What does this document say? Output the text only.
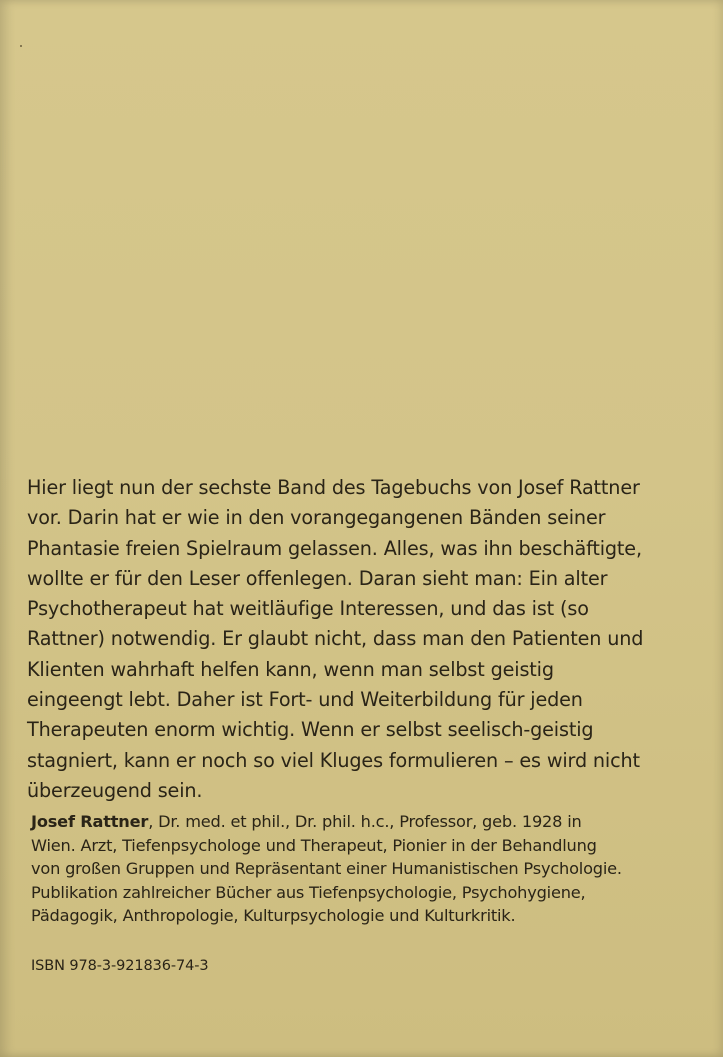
Hier liegt nun der sechste Band des Tagebuchs von Josef Rattner
vor. Darin hat er wie in den vorangegangenen Bänden seiner
Phantasie freien Spielraum gelassen. Alles, was ihn beschäftigte,
wollte er für den Leser offenlegen. Daran sieht man: Ein alter
Psychotherapeut hat weitläufige Interessen, und das ist (so
Rattner) notwendig. Er glaubt nicht, dass man den Patienten und
Klienten wahrhaft helfen kann, wenn man selbst geistig
eingeengt lebt. Daher ist Fort- und Weiterbildung für jeden
Therapeuten enorm wichtig. Wenn er selbst seelisch-geistig
stagniert, kann er noch so viel Kluges formulieren – es wird nicht
überzeugend sein.
Josef Rattner, Dr. med. et phil., Dr. phil. h.c., Professor, geb. 1928 in
Wien. Arzt, Tiefenpsychologe und Therapeut, Pionier in der Behandlung
von großen Gruppen und Repräsentant einer Humanistischen Psychologie.
Publikation zahlreicher Bücher aus Tiefenpsychologie, Psychohygiene,
Pädagogik, Anthropologie, Kulturpsychologie und Kulturkritik.
ISBN 978-3-921836-74-3
